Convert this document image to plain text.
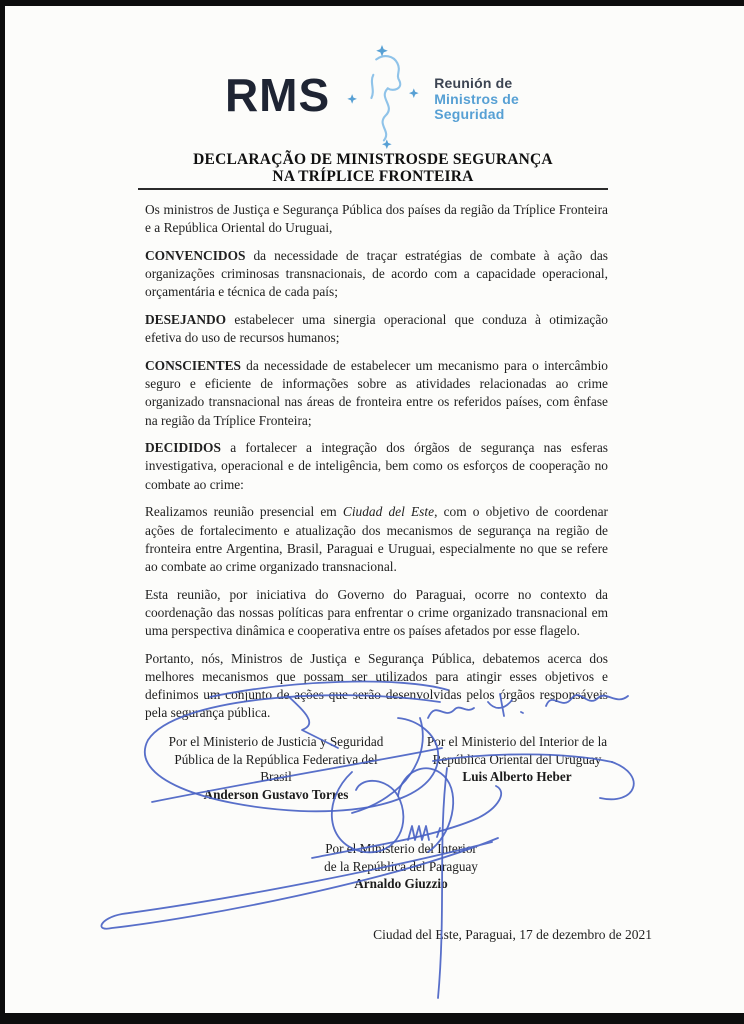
RMS	Reunión de
Ministros de
Seguridad
DECLARAÇÃO DE MINISTROSDE SEGURANÇA
NA TRÍPLICE FRONTEIRA

Os ministros de Justiça e Segurança Pública dos países da região da Tríplice Fronteira e a República Oriental do Uruguai,

CONVENCIDOS da necessidade de traçar estratégias de combate à ação das organizações criminosas transnacionais, de acordo com a capacidade operacional, orçamentária e técnica de cada país;

DESEJANDO estabelecer uma sinergia operacional que conduza à otimização efetiva do uso de recursos humanos;

CONSCIENTES da necessidade de estabelecer um mecanismo para o intercâmbio seguro e eficiente de informações sobre as atividades relacionadas ao crime organizado transnacional nas áreas de fronteira entre os referidos países, com ênfase na região da Tríplice Fronteira;

DECIDIDOS a fortalecer a integração dos órgãos de segurança nas esferas investigativa, operacional e de inteligência, bem como os esforços de cooperação no combate ao crime:

Realizamos reunião presencial em Ciudad del Este, com o objetivo de coordenar ações de fortalecimento e atualização dos mecanismos de segurança na região de fronteira entre Argentina, Brasil, Paraguai e Uruguai, especialmente no que se refere ao combate ao crime organizado transnacional.

Esta reunião, por iniciativa do Governo do Paraguai, ocorre no contexto da coordenação das nossas políticas para enfrentar o crime organizado transnacional em uma perspectiva dinâmica e cooperativa entre os países afetados por esse flagelo.

Portanto, nós, Ministros de Justiça e Segurança Pública, debatemos acerca dos melhores mecanismos que possam ser utilizados para atingir esses objetivos e definimos um conjunto de ações que serão desenvolvidas pelos órgãos responsáveis pela segurança pública.

Por el Ministerio de Justicia y Seguridad
Pública de la República Federativa del
Brasil
Anderson Gustavo Torres
Por el Ministerio del Interior de la
República Oriental del Uruguay
Luis Alberto Heber
Por el Ministerio del Interior
de la República del Paraguay
Arnaldo Giuzzio
Ciudad del Este, Paraguai, 17 de dezembro de 2021
